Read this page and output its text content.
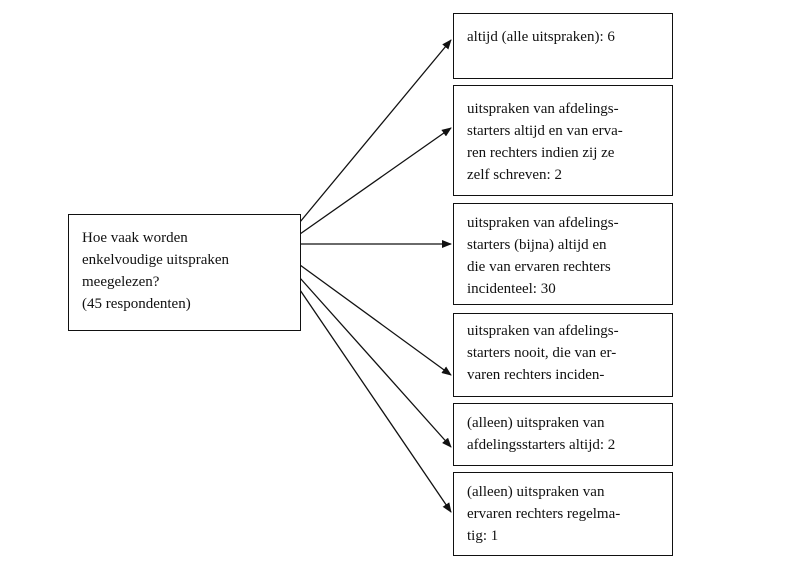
Hoe vaak worden
enkelvoudige uitspraken
meegelezen?
(45 respondenten)
altijd (alle uitspraken): 6
uitspraken van afdelings-
starters altijd en van erva-
ren rechters indien zij ze
zelf schreven: 2
uitspraken van afdelings-
starters (bijna) altijd en
die van ervaren rechters
incidenteel: 30
uitspraken van afdelings-
starters nooit, die van er-
varen rechters inciden-
(alleen) uitspraken van
afdelingsstarters altijd: 2
(alleen) uitspraken van
ervaren rechters regelma-
tig: 1
